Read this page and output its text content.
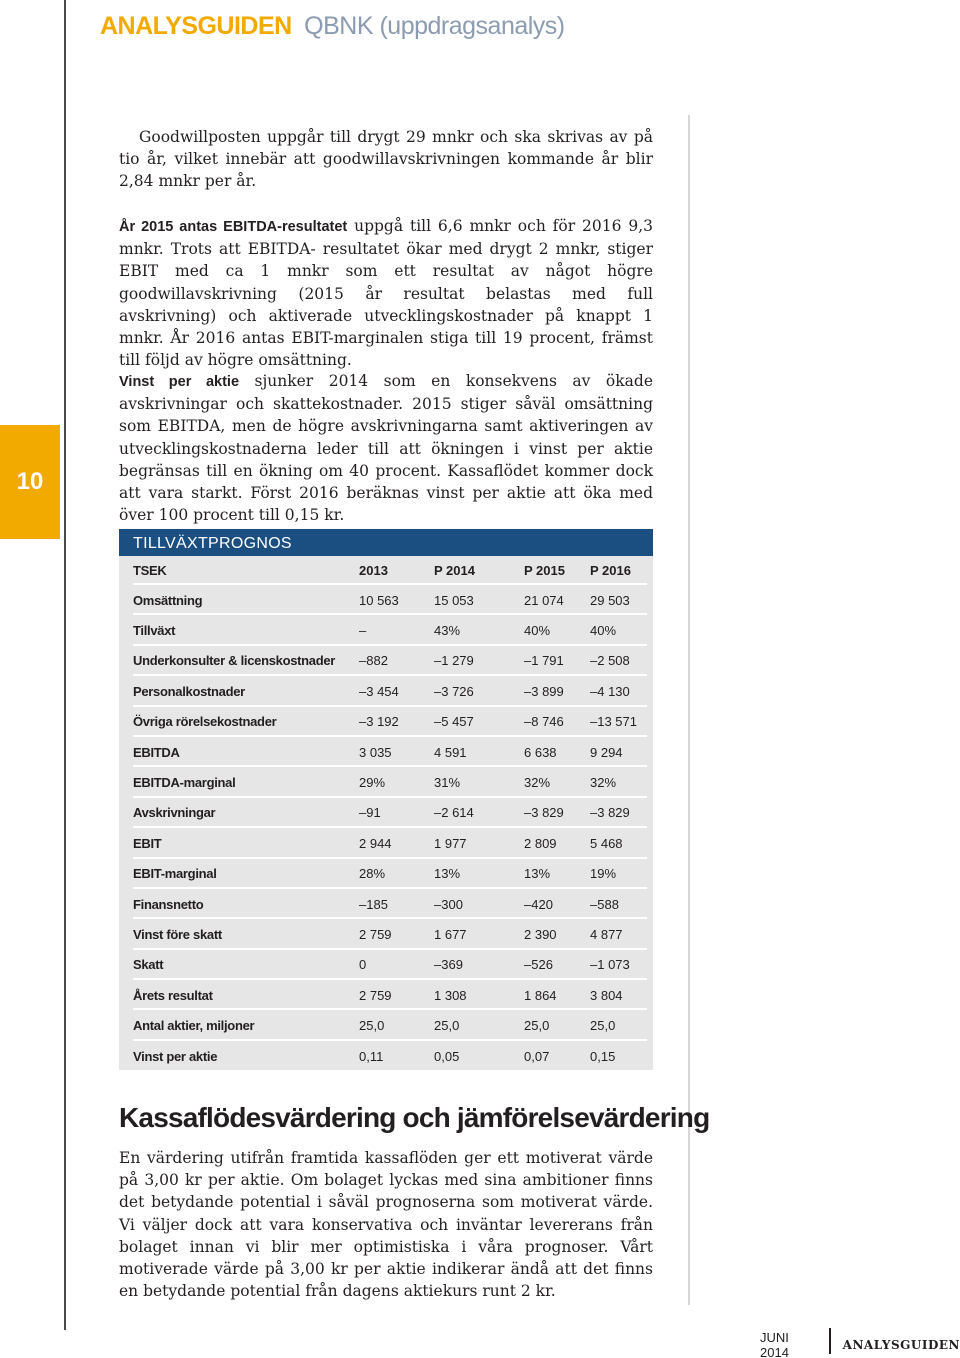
ANALYSGUIDEN QBNK (uppdragsanalys)
10

Goodwillposten uppgår till drygt 29 mnkr och ska skrivas av på tio år, vilket innebär att goodwillavskrivningen kommande år blir 2,84 mnkr per år.

År 2015 antas EBITDA-resultatet uppgå till 6,6 mnkr och för 2016 9,3 mnkr. Trots att EBITDA- resultatet ökar med drygt 2 mnkr, stiger EBIT med ca 1 mnkr som ett resultat av något högre goodwillavskrivning (2015 år resultat belastas med full avskrivning) och aktiverade utvecklingskostnader på knappt 1 mnkr. År 2016 antas EBIT-marginalen stiga till 19 procent, främst till följd av högre omsättning.

Vinst per aktie sjunker 2014 som en konsekvens av ökade avskrivningar och skattekostnader. 2015 stiger såväl omsättning som EBITDA, men de högre avskrivningarna samt aktiveringen av utvecklingskostnaderna leder till att ökningen i vinst per aktie begränsas till en ökning om 40 procent. Kassaflödet kommer dock att vara starkt. Först 2016 beräknas vinst per aktie att öka med över 100 procent till 0,15 kr.

TILLVÄXTPROGNOS
TSEK	2013	P 2014	P 2015	P 2016
Omsättning	10 563	15 053	21 074	29 503
Tillväxt	–	43%	40%	40%
Underkonsulter & licenskostnader	–882	–1 279	–1 791	–2 508
Personalkostnader	–3 454	–3 726	–3 899	–4 130
Övriga rörelsekostnader	–3 192	–5 457	–8 746	–13 571
EBITDA	3 035	4 591	6 638	9 294
EBITDA-marginal	29%	31%	32%	32%
Avskrivningar	–91	–2 614	–3 829	–3 829
EBIT	2 944	1 977	2 809	5 468
EBIT-marginal	28%	13%	13%	19%
Finansnetto	–185	–300	–420	–588
Vinst före skatt	2 759	1 677	2 390	4 877
Skatt	0	–369	–526	–1 073
Årets resultat	2 759	1 308	1 864	3 804
Antal aktier, miljoner	25,0	25,0	25,0	25,0
Vinst per aktie	0,11	0,05	0,07	0,15
Kassaflödesvärdering och jämförelsevärdering

En värdering utifrån framtida kassaflöden ger ett motiverat värde på 3,00 kr per aktie. Om bolaget lyckas med sina ambitioner finns det betydande potential i såväl prognoserna som motiverat värde. Vi väljer dock att vara konservativa och inväntar levererans från bolaget innan vi blir mer optimistiska i våra prognoser. Vårt motiverade värde på 3,00 kr per aktie indikerar ändå att det finns en betydande potential från dagens aktiekurs runt 2 kr.

JUNI 2014	ANALYSGUIDEN
